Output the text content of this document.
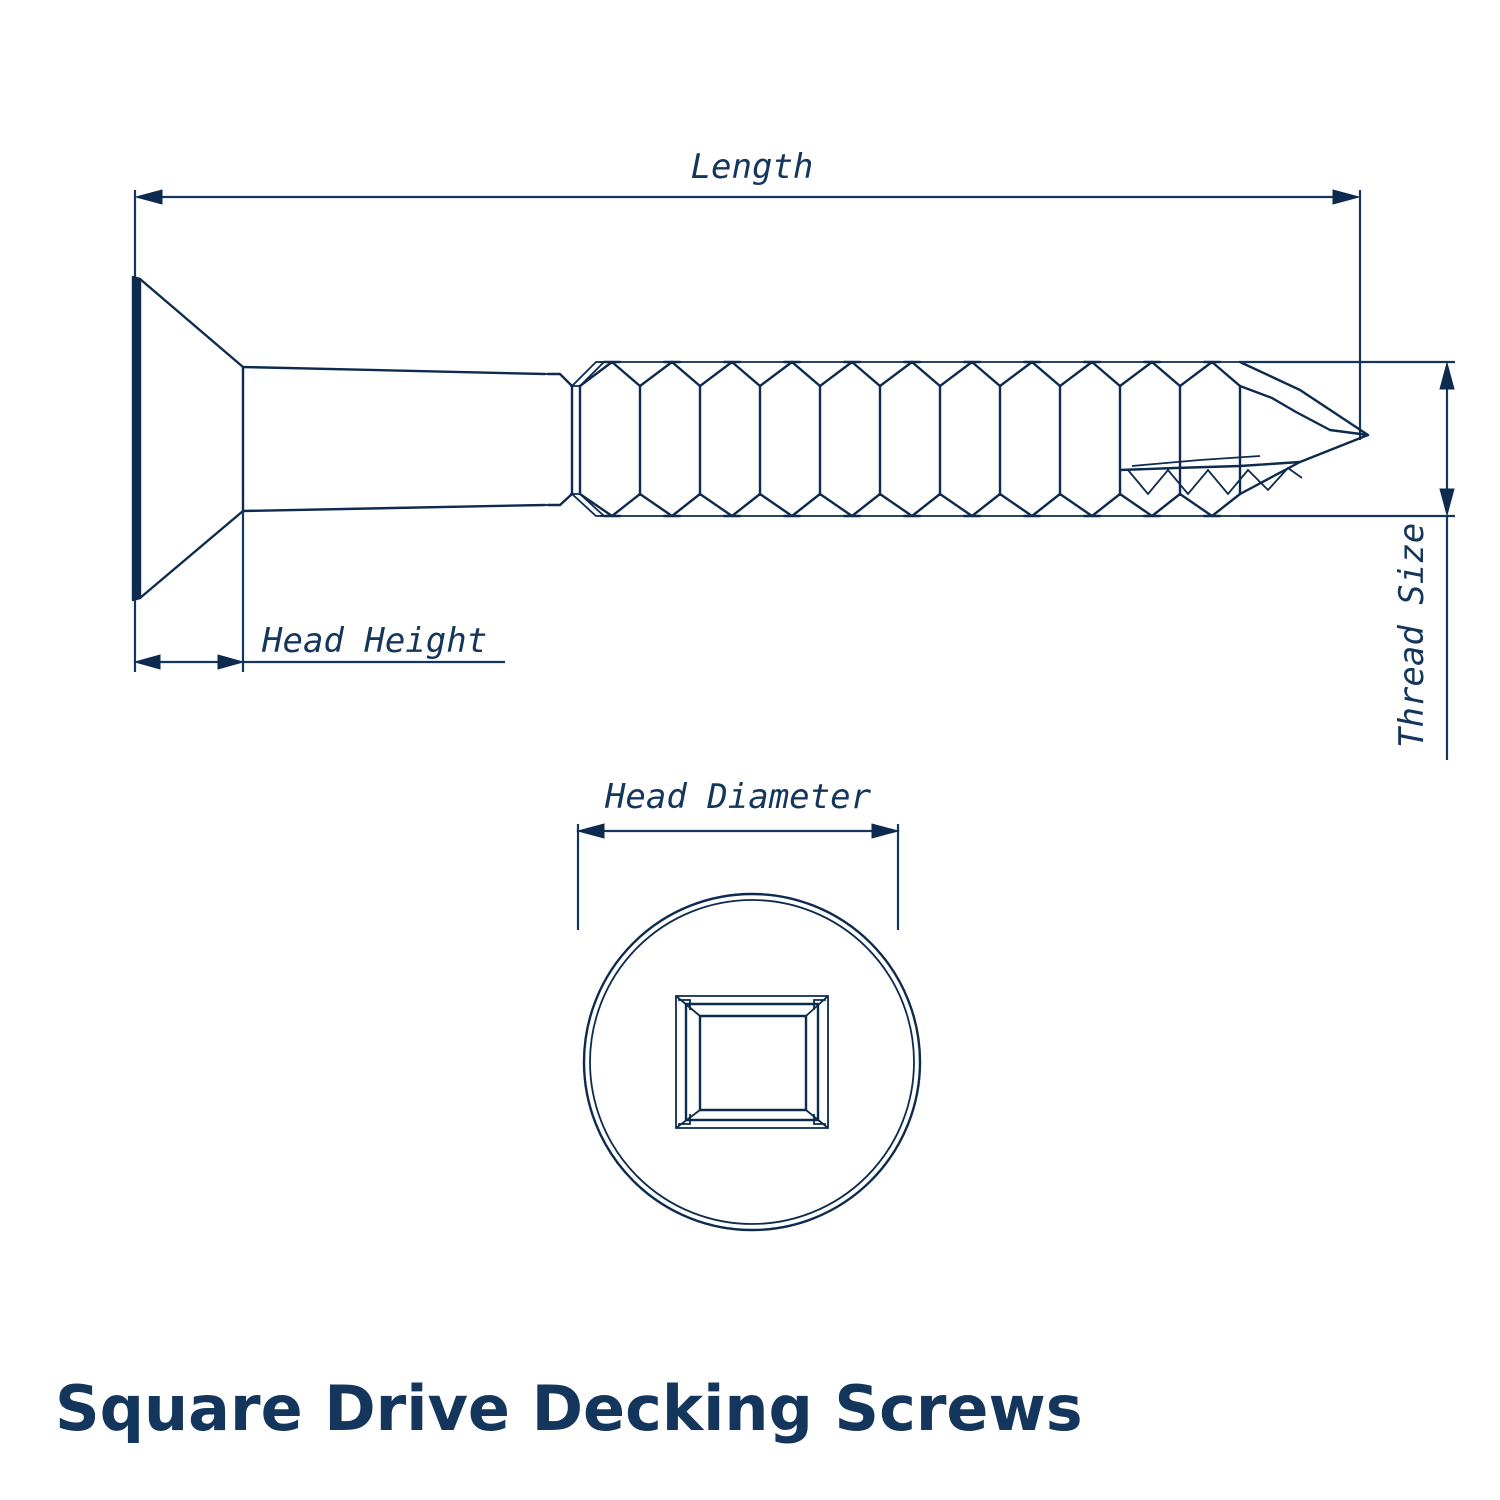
Length
Head Height	Thread Size
Head Diameter
Square Drive Decking Screws
